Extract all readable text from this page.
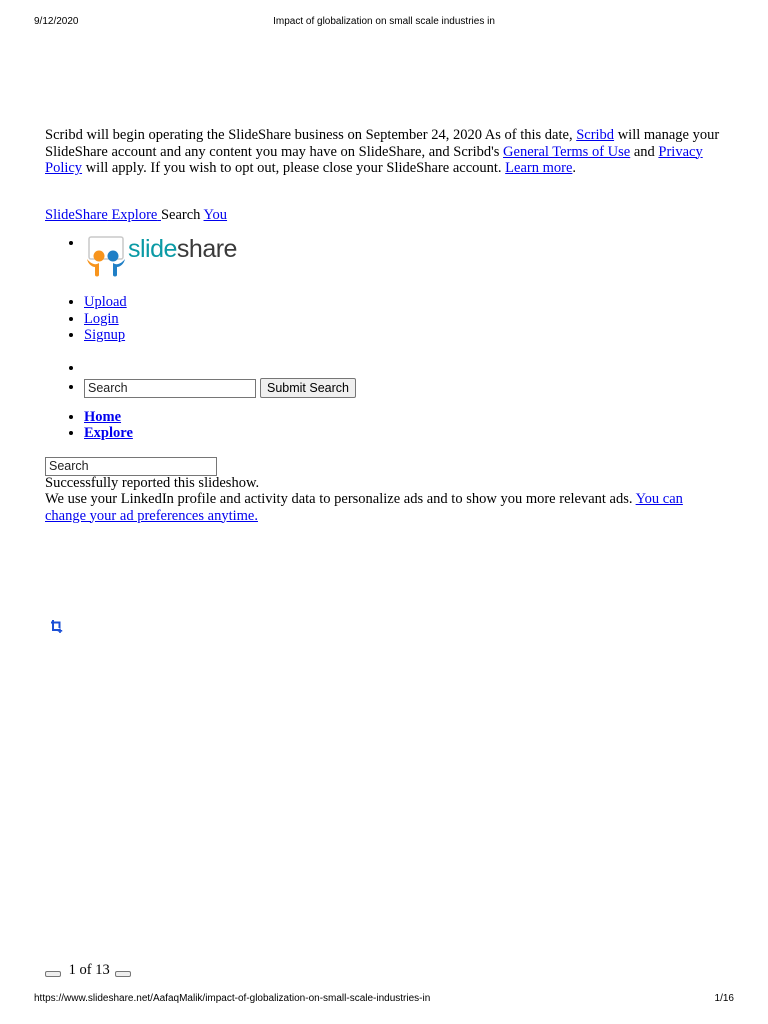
9/12/2020	Impact of globalization on small scale industries in

Scribd will begin operating the SlideShare business on September 24, 2020 As of this date, Scribd will manage your SlideShare account and any content you may have on SlideShare, and Scribd's General Terms of Use and Privacy Policy will apply. If you wish to opt out, please close your SlideShare account. Learn more.

SlideShare Explore Search You
• slideshare
• Upload
• Login
• Signup
•
• Search	Submit Search
• Home
• Explore
Search
Successfully reported this slideshow.
We use your LinkedIn profile and activity data to personalize ads and to show you more relevant ads. You can change your ad preferences anytime.
1 of 13
https://www.slideshare.net/AafaqMalik/impact-of-globalization-on-small-scale-industries-in	1/16
